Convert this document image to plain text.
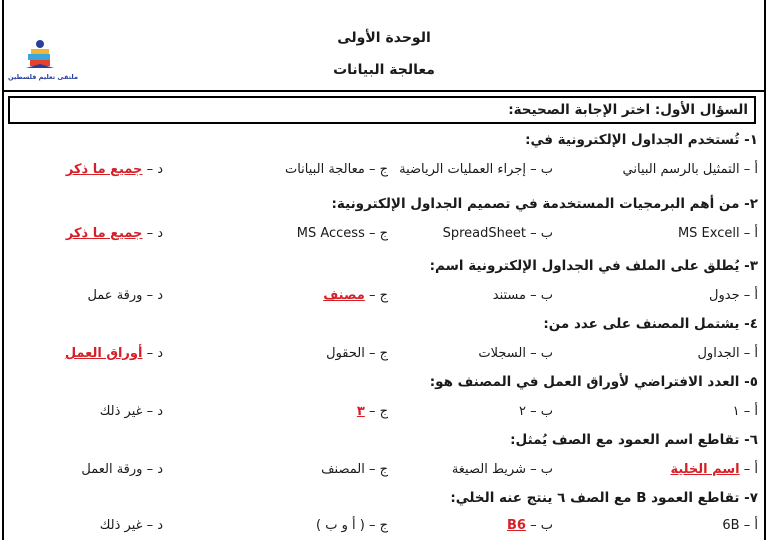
ملتقى تعليم فلسطين
الوحدة الأولى
معالجة البيانات
السؤال الأول: اختر الإجابة الصحيحة:
١- تُستخدم الجداول الإلكترونية في:
أ – التمثيل بالرسم البياني
ب – إجراء العمليات الرياضية
ج – معالجة البيانات
د – جميع ما ذكر
٢- من أهم البرمجيات المستخدمة في تصميم الجداول الإلكترونية:
أ – MS Excell
ب – SpreadSheet
ج – MS Access
د – جميع ما ذكر
٣- يُطلق على الملف في الجداول الإلكترونية اسم:
أ – جدول
ب – مستند
ج – مصنف
د – ورقة عمل
٤- يشتمل المصنف على عدد من:
أ – الجداول
ب – السجلات
ج – الحقول
د – أوراق العمل
٥- العدد الافتراضي لأوراق العمل في المصنف هو:
أ – ١
ب – ٢
ج – ٣
د – غير ذلك
٦- تقاطع اسم العمود مع الصف يُمثل:
أ – اسم الخلية
ب – شريط الصيغة
ج – المصنف
د – ورقة العمل
٧- تقاطع العمود B مع الصف ٦ ينتج عنه الخلي:
أ – 6B
ب – B6
ج – ( أ و ب )
د – غير ذلك
